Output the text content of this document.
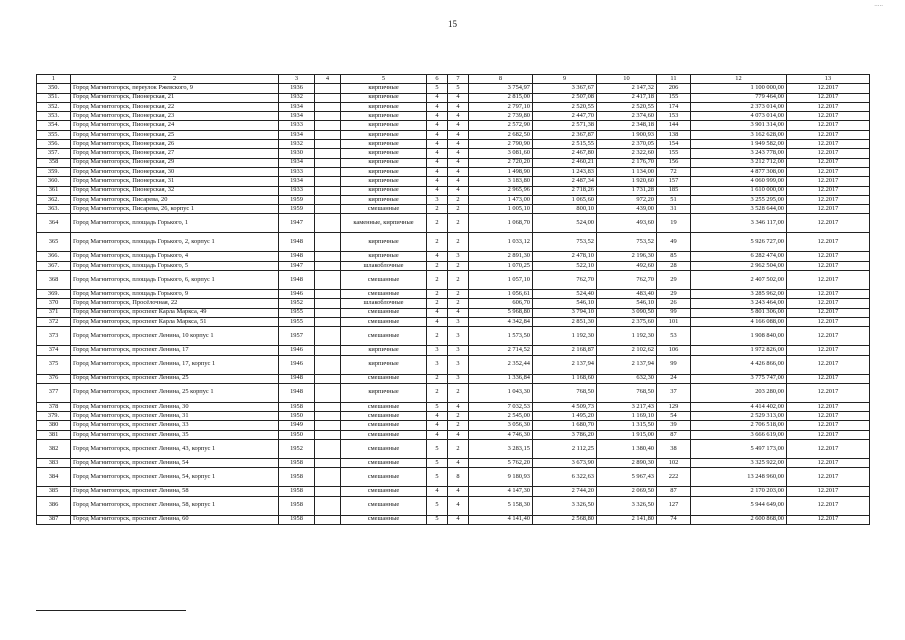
15
.....
1	2	3	4	5	6	7	8	9	10	11	12	13
350.	Город Магнитогорск, переулок Ржевского, 9	1936		кирпичные	5	5	3 754,97	3 367,67	2 147,32	206	1 100 000,00	12.2017
351.	Город Магнитогорск, Пионерская, 21	1932		кирпичные	4	4	2 815,00	2 507,08	2 417,18	155	779 464,00	12.2017
352.	Город Магнитогорск, Пионерская, 22	1934		кирпичные	4	4	2 797,10	2 520,55	2 520,55	174	2 373 014,00	12.2017
353.	Город Магнитогорск, Пионерская, 23	1934		кирпичные	4	4	2 739,80	2 447,70	2 374,60	153	4 073 014,00	12.2017
354.	Город Магнитогорск, Пионерская, 24	1933		кирпичные	4	4	2 572,90	2 571,38	2 348,18	144	3 901 314,00	12.2017
355.	Город Магнитогорск, Пионерская, 25	1934		кирпичные	4	4	2 682,50	2 367,87	1 900,93	138	3 162 628,00	12.2017
356.	Город Магнитогорск, Пионерская, 26	1932		кирпичные	4	4	2 790,90	2 515,55	2 370,05	154	1 949 582,00	12.2017
357.	Город Магнитогорск, Пионерская, 27	1930		кирпичные	4	4	3 081,60	2 467,80	2 322,60	155	3 243 778,00	12.2017
358	Город Магнитогорск, Пионерская, 29	1934		кирпичные	4	4	2 720,20	2 460,21	2 176,70	156	3 212 712,00	12.2017
359.	Город Магнитогорск, Пионерская, 30	1933		кирпичные	4	4	1 498,90	1 243,83	1 134,00	72	4 877 308,00	12.2017
360.	Город Магнитогорск, Пионерская, 31	1934		кирпичные	4	4	3 183,80	2 487,34	1 920,60	157	4 060 999,00	12.2017
361	Город Магнитогорск, Пионерская, 32	1933		кирпичные	4	4	2 965,96	2 718,26	1 731,28	185	1 610 000,00	12.2017
362.	Город Магнитогорск, Писарева, 20	1959		кирпичные	3	2	1 473,00	1 065,60	972,20	51	3 255 295,00	12.2017
363.	Город Магнитогорск, Писарева, 26, корпус 1	1959		смешанные	2	2	1 005,10	800,10	439,00	31	3 528 644,00	12.2017
364	Город Магнитогорск, площадь Горького, 1	1947		каменные, кирпичные	2	2	1 068,70	524,00	493,60	19	3 346 117,00	12.2017
365	Город Магнитогорск, площадь Горького, 2, корпус 1	1948		кирпичные	2	2	1 033,12	753,52	753,52	49	5 926 727,00	12.2017
366.	Город Магнитогорск, площадь Горького, 4	1948		кирпичные	4	3	2 891,30	2 478,10	2 196,30	85	6 282 474,00	12.2017
367.	Город Магнитогорск, площадь Горького, 5	1947		шлакоблочные	2	2	1 070,25	522,10	492,60	28	2 962 504,00	12.2017
368	Город Магнитогорск, площадь Горького, 6, корпус 1	1948		смешанные	2	2	1 057,10	762,70	762,70	29	2 407 502,00	12.2017
369.	Город Магнитогорск, площадь Горького, 9	1946		смешанные	2	2	1 056,61	524,40	483,40	29	3 285 962,00	12.2017
370	Город Магнитогорск, Просёлочная, 22	1952		шлакоблочные	2	2	606,70	546,10	546,10	26	3 243 464,00	12.2017
371	Город Магнитогорск, проспект Карла Маркса, 49	1955		смешанные	4	4	5 968,80	3 794,10	3 090,50	99	5 801 306,00	12.2017
372	Город Магнитогорск, проспект Карла Маркса, 51	1955		смешанные	4	3	4 342,84	2 851,30	2 375,60	101	4 166 088,00	12.2017
373	Город Магнитогорск, проспект Ленина, 10 корпус 1	1957		смешанные	2	3	1 573,50	1 192,30	1 192,30	53	1 908 840,00	12.2017
374	Город Магнитогорск, проспект Ленина, 17	1946		кирпичные	3	3	2 714,52	2 168,87	2 102,62	106	1 972 826,00	12.2017
375	Город Магнитогорск, проспект Ленина, 17, корпус 1	1946		кирпичные	3	3	2 352,44	2 137,94	2 137,94	99	4 426 866,00	12.2017
376	Город Магнитогорск, проспект Ленина, 25	1948		смешанные	2	3	1 336,84	1 168,60	632,30	24	3 775 747,00	12.2017
377	Город Магнитогорск, проспект Ленина, 25 корпус 1	1948		кирпичные	2	2	1 043,30	768,50	768,50	37	203 280,00	12.2017
378	Город Магнитогорск, проспект Ленина, 30	1958		смешанные	5	4	7 032,53	4 509,73	3 217,43	129	4 414 402,00	12.2017
379.	Город Магнитогорск, проспект Ленина, 31	1950		смешанные	4	2	2 545,00	1 495,20	1 169,10	54	2 529 313,00	12.2017
380	Город Магнитогорск, проспект Ленина, 33	1949		смешанные	4	2	3 056,30	1 680,70	1 315,50	39	2 706 518,00	12.2017
381	Город Магнитогорск, проспект Ленина, 35	1950		смешанные	4	4	4 746,30	3 786,20	1 915,00	87	3 666 619,00	12.2017
382	Город Магнитогорск, проспект Ленина, 43, корпус 1	1952		смешанные	5	2	3 283,15	2 112,25	1 380,40	38	5 497 173,00	12.2017
383	Город Магнитогорск, проспект Ленина, 54	1958		смешанные	5	4	5 762,20	3 673,90	2 890,30	102	3 325 922,00	12.2017
384	Город Магнитогорск, проспект Ленина, 54, корпус 1	1958		смешанные	5	8	9 180,93	6 322,63	5 967,43	222	13 248 960,00	12.2017
385	Город Магнитогорск, проспект Ленина, 58	1958		смешанные	4	4	4 147,30	2 744,20	2 069,50	87	2 170 203,00	12.2017
386	Город Магнитогорск, проспект Ленина, 58, корпус 1	1958		смешанные	5	4	5 158,30	3 326,50	3 326,50	127	5 944 649,00	12.2017
387	Город Магнитогорск, проспект Ленина, 60	1958		смешанные	5	4	4 141,40	2 568,80	2 141,80	74	2 600 868,00	12.2017
